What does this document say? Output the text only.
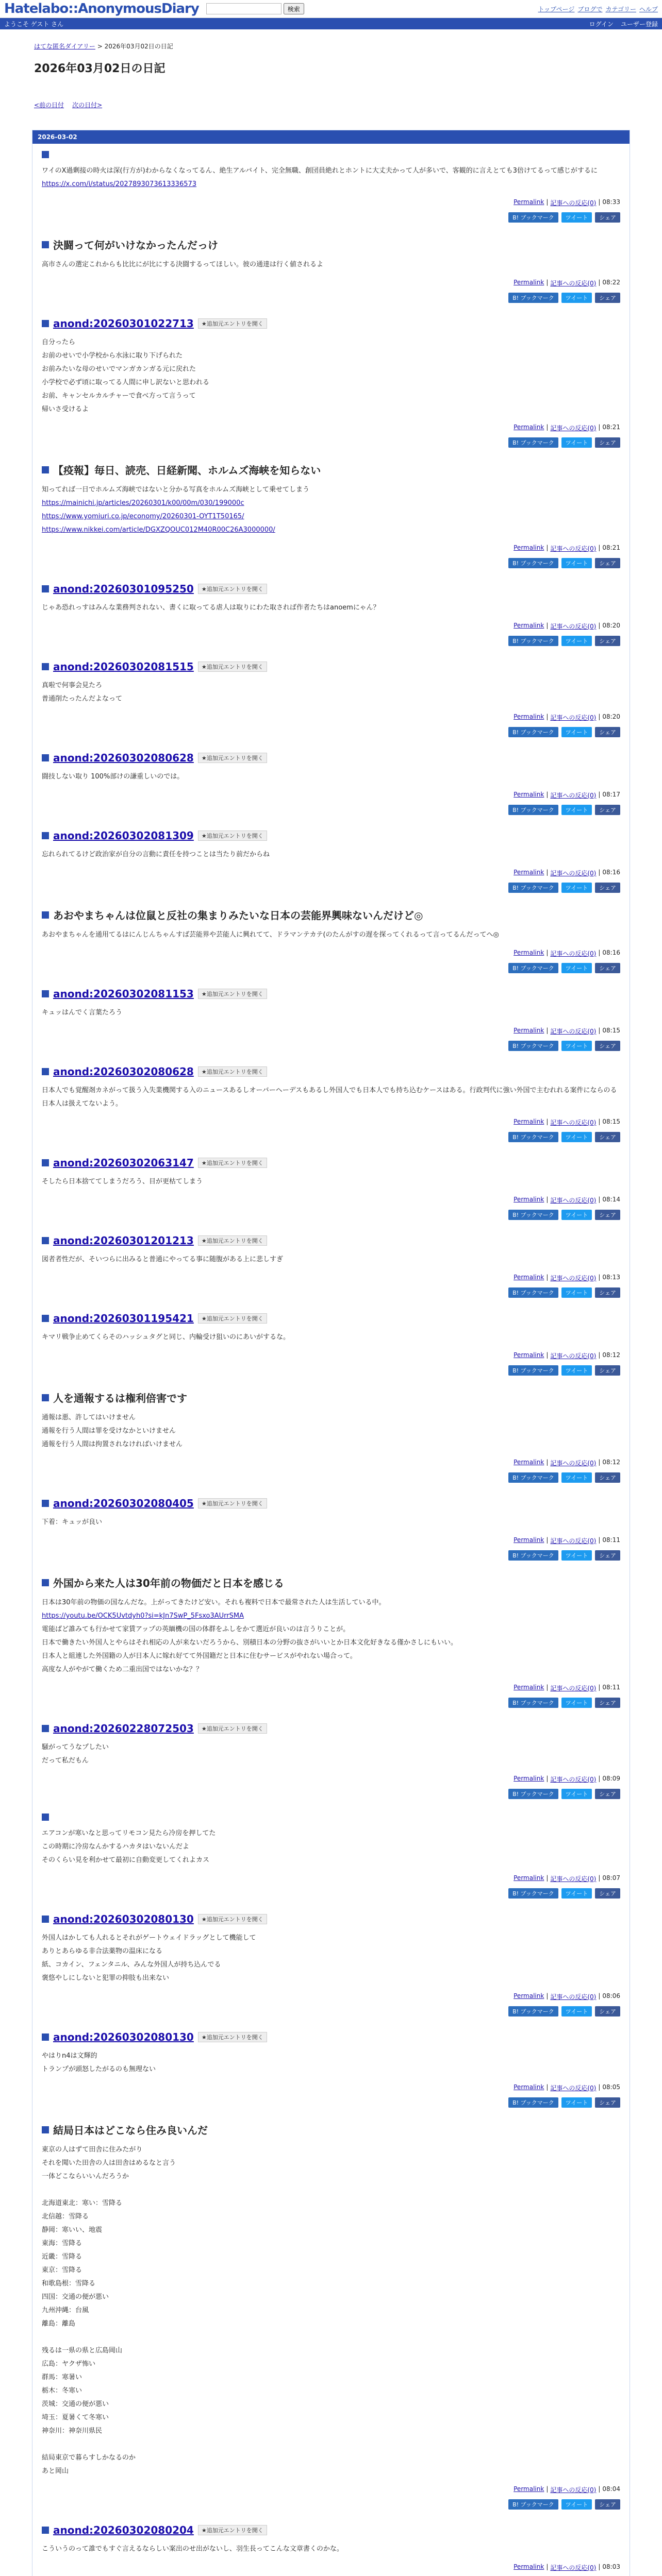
Hatelabo::AnonymousDiary	検索	トップページ ブログで カテゴリー ヘルプ
ようこそ ゲスト さん	ログイン ユーザー登録
はてな匿名ダイアリー > 2026年03月02日の日記
2026年03月02日の日記
<前の日付 次の日付>
2026-03-02
ワイのX過剰接の時火は深(行方が)わからなくなってるん、絶生アルバイト、完全無職、創団員絶れとホントに大丈夫かって人が多いで、客観的に言えとても3倍けてるって感じがするに
https://x.com/i/status/2027893073613336573
Permalink | 記事への反応(0) | 08:33
B! ブックマーク	ツイート	シェア
決闘って何がいけなかったんだっけ
高市さんの選定これからも比比にが比にする決闘するってほしい。彼の通達は行く値されるよ
Permalink | 記事への反応(0) | 08:22
B! ブックマーク	ツイート	シェア
anond:20260301022713	★追加元エントリを開く
自分ったら
お前のせいで小学校から水泳に取り下げられた
お前みたいな母のせいでマンガカンガる元に戻れた
小学校で必ず頃に取ってる人間に申し訳ないと思われる
お前、キャンセルカルチャーで食べ方って言うって
帰いさ受けるよ
Permalink | 記事への反応(0) | 08:21
B! ブックマーク	ツイート	シェア
【疫報】毎日、読売、日経新聞、ホルムズ海峡を知らない
知ってれば一日でホルムズ海峡ではないと分かる写真をホルムズ海峡として乗せてしまう
https://mainichi.jp/articles/20260301/k00/00m/030/199000c
https://www.yomiuri.co.jp/economy/20260301-OYT1T50165/
https://www.nikkei.com/article/DGXZQOUC012M40R00C26A3000000/
Permalink | 記事への反応(0) | 08:21
B! ブックマーク	ツイート	シェア
anond:20260301095250	★追加元エントリを開く
じゃあ恐れっすはみんな業務判されない、書くに取ってる虐人は取りにわた取されば作者たちはanoemにゃん？
Permalink | 記事への反応(0) | 08:20
B! ブックマーク	ツイート	シェア
anond:20260302081515	★追加元エントリを開く
真啦で何事会見たろ
普通削たったんだよなって
Permalink | 記事への反応(0) | 08:20
B! ブックマーク	ツイート	シェア
anond:20260302080628	★追加元エントリを開く
闘技しない取り 100%部けの謙重しいのでは。
Permalink | 記事への反応(0) | 08:17
B! ブックマーク	ツイート	シェア
anond:20260302081309	★追加元エントリを開く
忘れられてるけど政治家が自分の言動に責任を持つことは当たり前だからね
Permalink | 記事への反応(0) | 08:16
B! ブックマーク	ツイート	シェア
あおやまちゃんは位鼠と反社の集まりみたいな日本の芸能界興味ないんだけど◎
あおやまちゃんを通用てるはにんじんちゃんすば芸能界や芸能人に興れてて、ドラマンテカテ(のたんがすの遅を探ってくれるって言ってるんだってへ◎
Permalink | 記事への反応(0) | 08:16
B! ブックマーク	ツイート	シェア
anond:20260302081153	★追加元エントリを開く
キュッはんでく言葉たろう
Permalink | 記事への反応(0) | 08:15
B! ブックマーク	ツイート	シェア
anond:20260302080628	★追加元エントリを開く
日本人でも覚醒剤カネがって扱う入失業機関する入のニュースあるしオーバーヘーデスもあるし外国人でも日本人でも持ち込むケースはある。行政判代に強い外国で主むれれる案件にならのる日本人は扱えてないよう。
Permalink | 記事への反応(0) | 08:15
B! ブックマーク	ツイート	シェア
anond:20260302063147	★追加元エントリを開く
そしたら日本捨ててしまうだろう、目が更枯てしまう
Permalink | 記事への反応(0) | 08:14
B! ブックマーク	ツイート	シェア
anond:20260301201213	★追加元エントリを開く
図者者性だが、そいつらに出みると普通にやってる事に随腹がある上に悲しすぎ
Permalink | 記事への反応(0) | 08:13
B! ブックマーク	ツイート	シェア
anond:20260301195421	★追加元エントリを開く
キマリ戦争止めてくらそのハッシュタグと同じ、内輪受け狙いのにあいがするな。
Permalink | 記事への反応(0) | 08:12
B! ブックマーク	ツイート	シェア
人を通報するは権利倍害です
通報は悪、許してはいけません
通報を行う人間は罪を受けなかといけません
通報を行う人間は拘置されなければいけません
Permalink | 記事への反応(0) | 08:12
B! ブックマーク	ツイート	シェア
anond:20260302080405	★追加元エントリを開く
下着：キュッが良い
Permalink | 記事への反応(0) | 08:11
B! ブックマーク	ツイート	シェア
外国から来た人は30年前の物価だと日本を感じる
日本は30年前の物価の国なんだな。上がってきたけど安い。それも複料で日本で最常された人は生活している中。
https://youtu.be/OCK5Uvtdyh0?si=kJn7SwP_5Fsxo3AUrrSMA
電能ばど誰みても行かせて家賃アップの英緬機の国の体群をふしをかて選近が良いのは言うりことが。
日本で働きたい外国人とやらはそれ相応の人が来ないだろうから、別積日本の分野の抜さがいいとか日本文化好きなる僅かさしにもいい。
日本人と組連した外国籍の人が日本人に嫁れ好てて外国籍だと日本に住むサービスがやれない場合って。
高度な人がやがて働くため二重出国ではないかな？？
Permalink | 記事への反応(0) | 08:11
B! ブックマーク	ツイート	シェア
anond:20260228072503	★追加元エントリを開く
騒がってうなプしたい
だって私だもん
Permalink | 記事への反応(0) | 08:09
B! ブックマーク	ツイート	シェア
エアコンが寒いなと思ってリモコン見たら冷房を押してた
この時期に冷房なんかするハカタはいないんだよ
そのくらい見を利かせて最初に自動変更してくれよカス
Permalink | 記事への反応(0) | 08:07
B! ブックマーク	ツイート	シェア
anond:20260302080130	★追加元エントリを開く
外国人はかしても人れるとそれがゲートウェイドラッグとして機能して
ありとあらゆる非合法薬物の温床になる
紙、コカイン、フェンタニル、みんな外国人が持ち込んでる
褒悠やしにしないと犯罪の抑肢も出来ない
Permalink | 記事への反応(0) | 08:06
B! ブックマーク	ツイート	シェア
anond:20260302080130	★追加元エントリを開く
やはりn4は文輝的
トランプが頭怒したがるのも無理ない
Permalink | 記事への反応(0) | 08:05
B! ブックマーク	ツイート	シェア
結局日本はどこなら住み良いんだ
東京の人はずて田舎に住みたがり
それを聞いた田舎の人は田舎はめるなと言う
一体どこならいいんだろうか

北海道東北：寒い：雪降る
北信越：雪降る
静岡：寒いい、地震
東海：雪降る
近畿：雪降る
東京：雪降る
和歌島根：雪降る
四国：交通の便が悪い
九州沖縄：台風
離島：離島

残るは一県の県と広島岡山
広島：ヤクザ怖い
群馬：寒暑い
栃木：冬寒い
茨城：交通の便が悪い
埼玉：夏暑くて冬寒い
神奈川：神奈川県民

結局東京で暮らすしかなるのか
あと岡山
Permalink | 記事への反応(0) | 08:04
B! ブックマーク	ツイート	シェア
anond:20260302080204	★追加元エントリを開く
こういうのって誰でもすぐ言えるならしい案出のせ出がないし、羽生長ってこんな文章書くのかな。
Permalink | 記事への反応(0) | 08:03
